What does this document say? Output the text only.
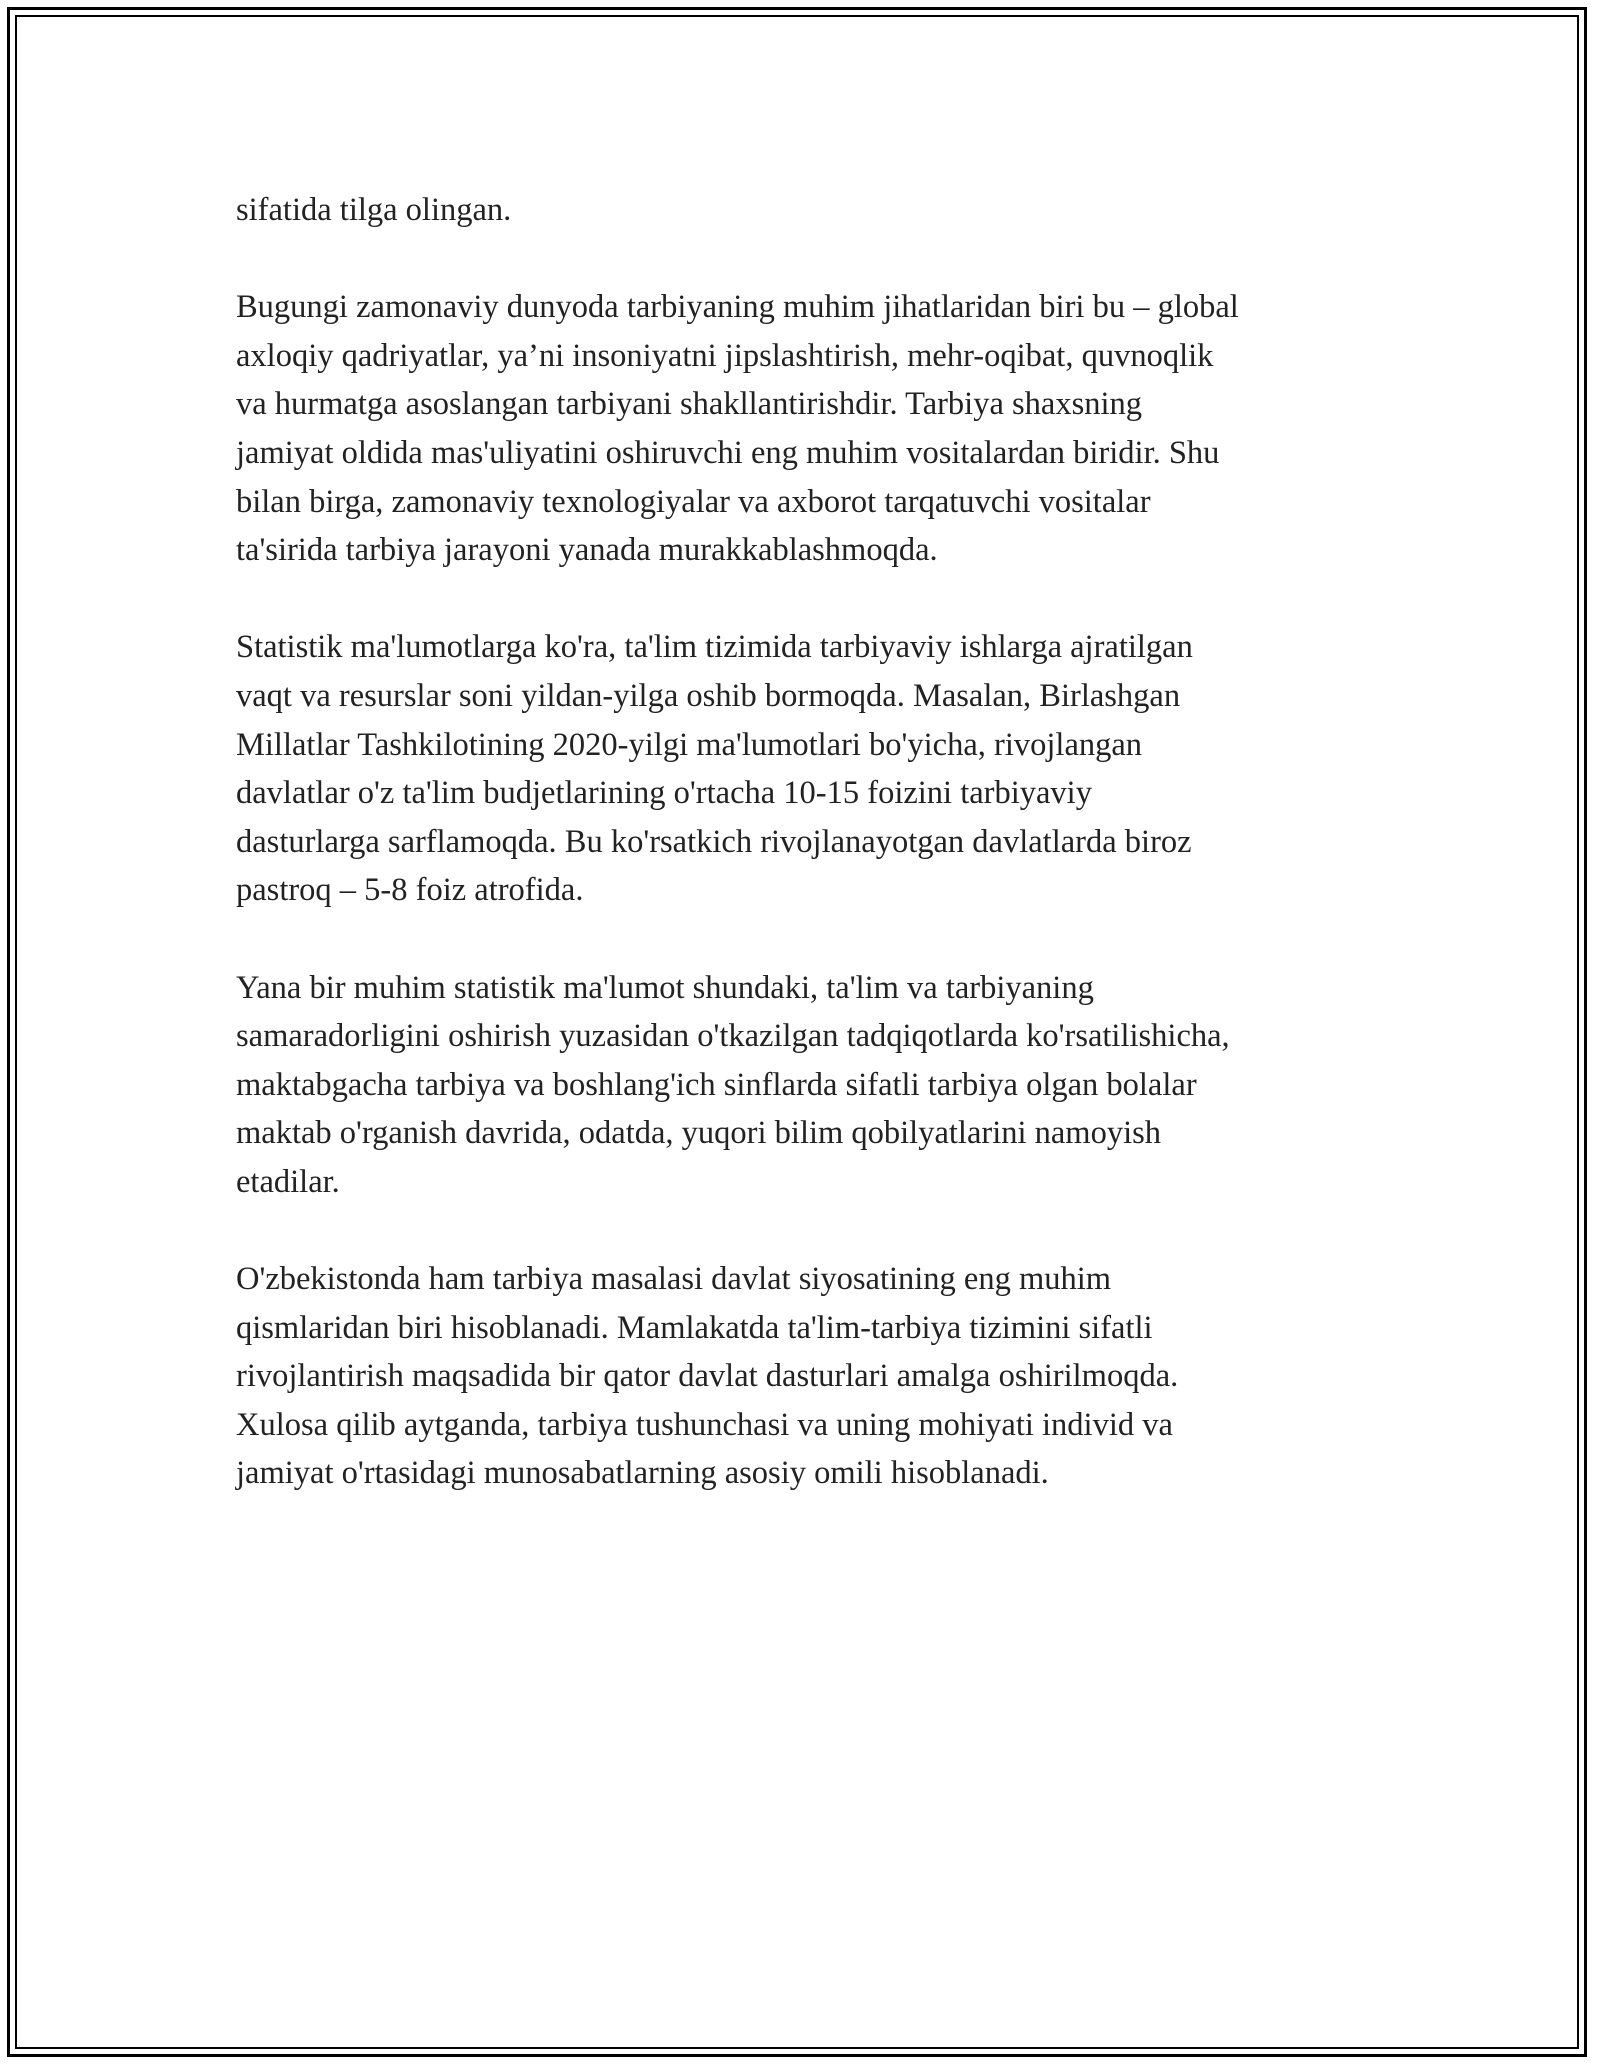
sifatida tilga olingan.

Bugungi zamonaviy dunyoda tarbiyaning muhim jihatlaridan biri bu – global
axloqiy qadriyatlar, ya’ni insoniyatni jipslashtirish, mehr-oqibat, quvnoqlik
va hurmatga asoslangan tarbiyani shakllantirishdir. Tarbiya shaxsning
jamiyat oldida mas'uliyatini oshiruvchi eng muhim vositalardan biridir. Shu
bilan birga, zamonaviy texnologiyalar va axborot tarqatuvchi vositalar
ta'sirida tarbiya jarayoni yanada murakkablashmoqda.

Statistik ma'lumotlarga ko'ra, ta'lim tizimida tarbiyaviy ishlarga ajratilgan
vaqt va resurslar soni yildan-yilga oshib bormoqda. Masalan, Birlashgan
Millatlar Tashkilotining 2020-yilgi ma'lumotlari bo'yicha, rivojlangan
davlatlar o'z ta'lim budjetlarining o'rtacha 10-15 foizini tarbiyaviy
dasturlarga sarflamoqda. Bu ko'rsatkich rivojlanayotgan davlatlarda biroz
pastroq – 5-8 foiz atrofida.

Yana bir muhim statistik ma'lumot shundaki, ta'lim va tarbiyaning
samaradorligini oshirish yuzasidan o'tkazilgan tadqiqotlarda ko'rsatilishicha,
maktabgacha tarbiya va boshlang'ich sinflarda sifatli tarbiya olgan bolalar
maktab o'rganish davrida, odatda, yuqori bilim qobilyatlarini namoyish
etadilar.

O'zbekistonda ham tarbiya masalasi davlat siyosatining eng muhim
qismlaridan biri hisoblanadi. Mamlakatda ta'lim-tarbiya tizimini sifatli
rivojlantirish maqsadida bir qator davlat dasturlari amalga oshirilmoqda.
Xulosa qilib aytganda, tarbiya tushunchasi va uning mohiyati individ va
jamiyat o'rtasidagi munosabatlarning asosiy omili hisoblanadi.
